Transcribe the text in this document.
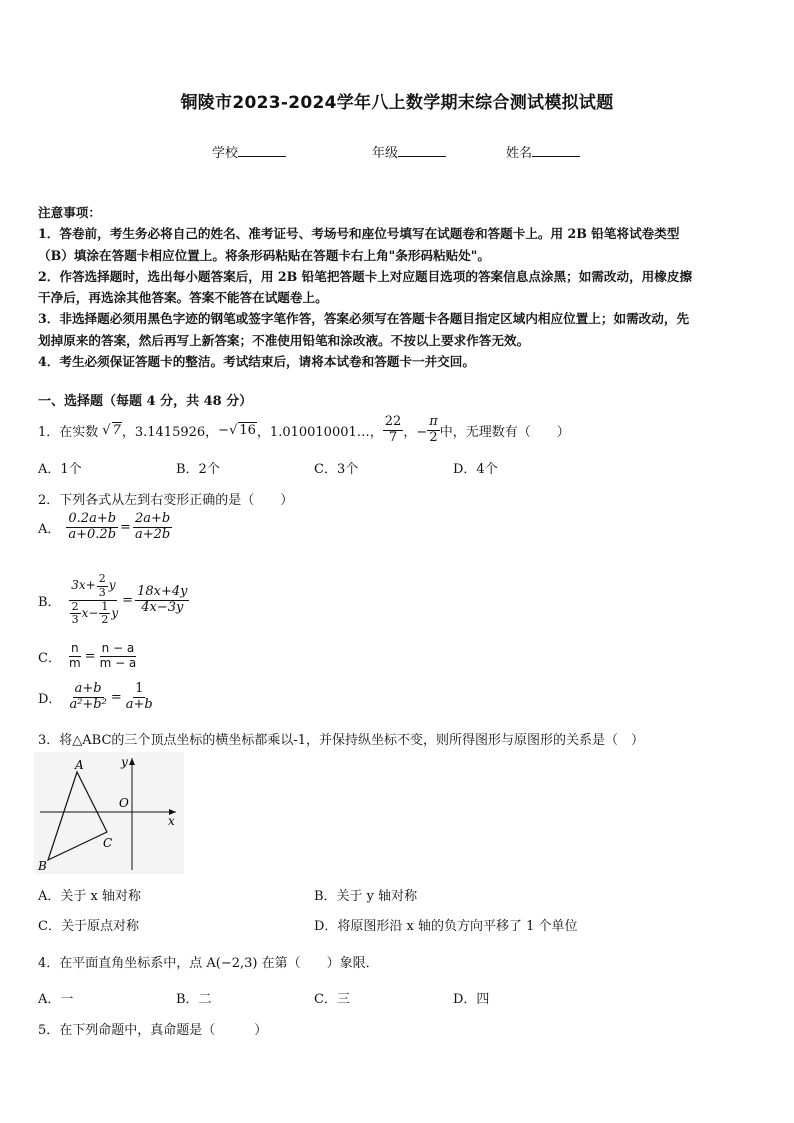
铜陵市2023-2024学年八上数学期末综合测试模拟试题
学校	年级	姓名

注意事项：

1．答卷前，考生务必将自己的姓名、准考证号、考场号和座位号填写在试题卷和答题卡上。用 2B 铅笔将试卷类型

（B）填涂在答题卡相应位置上。将条形码粘贴在答题卡右上角"条形码粘贴处"。

2．作答选择题时，选出每小题答案后，用 2B 铅笔把答题卡上对应题目选项的答案信息点涂黑；如需改动，用橡皮擦

干净后，再选涂其他答案。答案不能答在试题卷上。

3．非选择题必须用黑色字迹的钢笔或签字笔作答，答案必须写在答题卡各题目指定区域内相应位置上；如需改动，先

划掉原来的答案，然后再写上新答案；不准使用铅笔和涂改液。不按以上要求作答无效。

4．考生必须保证答题卡的整洁。考试结束后，请将本试卷和答题卡一并交回。

一、选择题（每题 4 分，共 48 分）
1．在实数 √ 7 ，3.1415926， − √ 16 ，1.010010001…， $\frac{22}{7}$ ，− $\frac{\pi}{2}$ 中，无理数有（　　）
A．1个	B．2个	C．3个	D．4个
2．下列各式从左到右变形正确的是（　　）
A． $\frac{0.2a+b}{a+0.2b} = \frac{2a+b}{a+2b}$
B． $\frac{3x+ \frac{2}{3} y}{\frac{2}{3} x- \frac{1}{2} y} = \frac{18x+4y}{4x-3y}$
C． $\frac{n}{m} = \frac{n - a}{m - a}$
D． $\frac{a+b}{\text{a²+b²}} = \frac{1}{a+b}$
3．将△ABC的三个顶点坐标的横坐标都乘以-1，并保持纵坐标不变，则所得图形与原图形的关系是（　）
A
B
C
O
x
y
A．关于 x 轴对称	B．关于 y 轴对称
C．关于原点对称	D．将原图形沿 x 轴的负方向平移了 1 个单位
4．在平面直角坐标系中，点 A(−2,3) 在第（　　）象限．
A．一	B．二	C．三	D．四
5．在下列命题中，真命题是（　　　）
